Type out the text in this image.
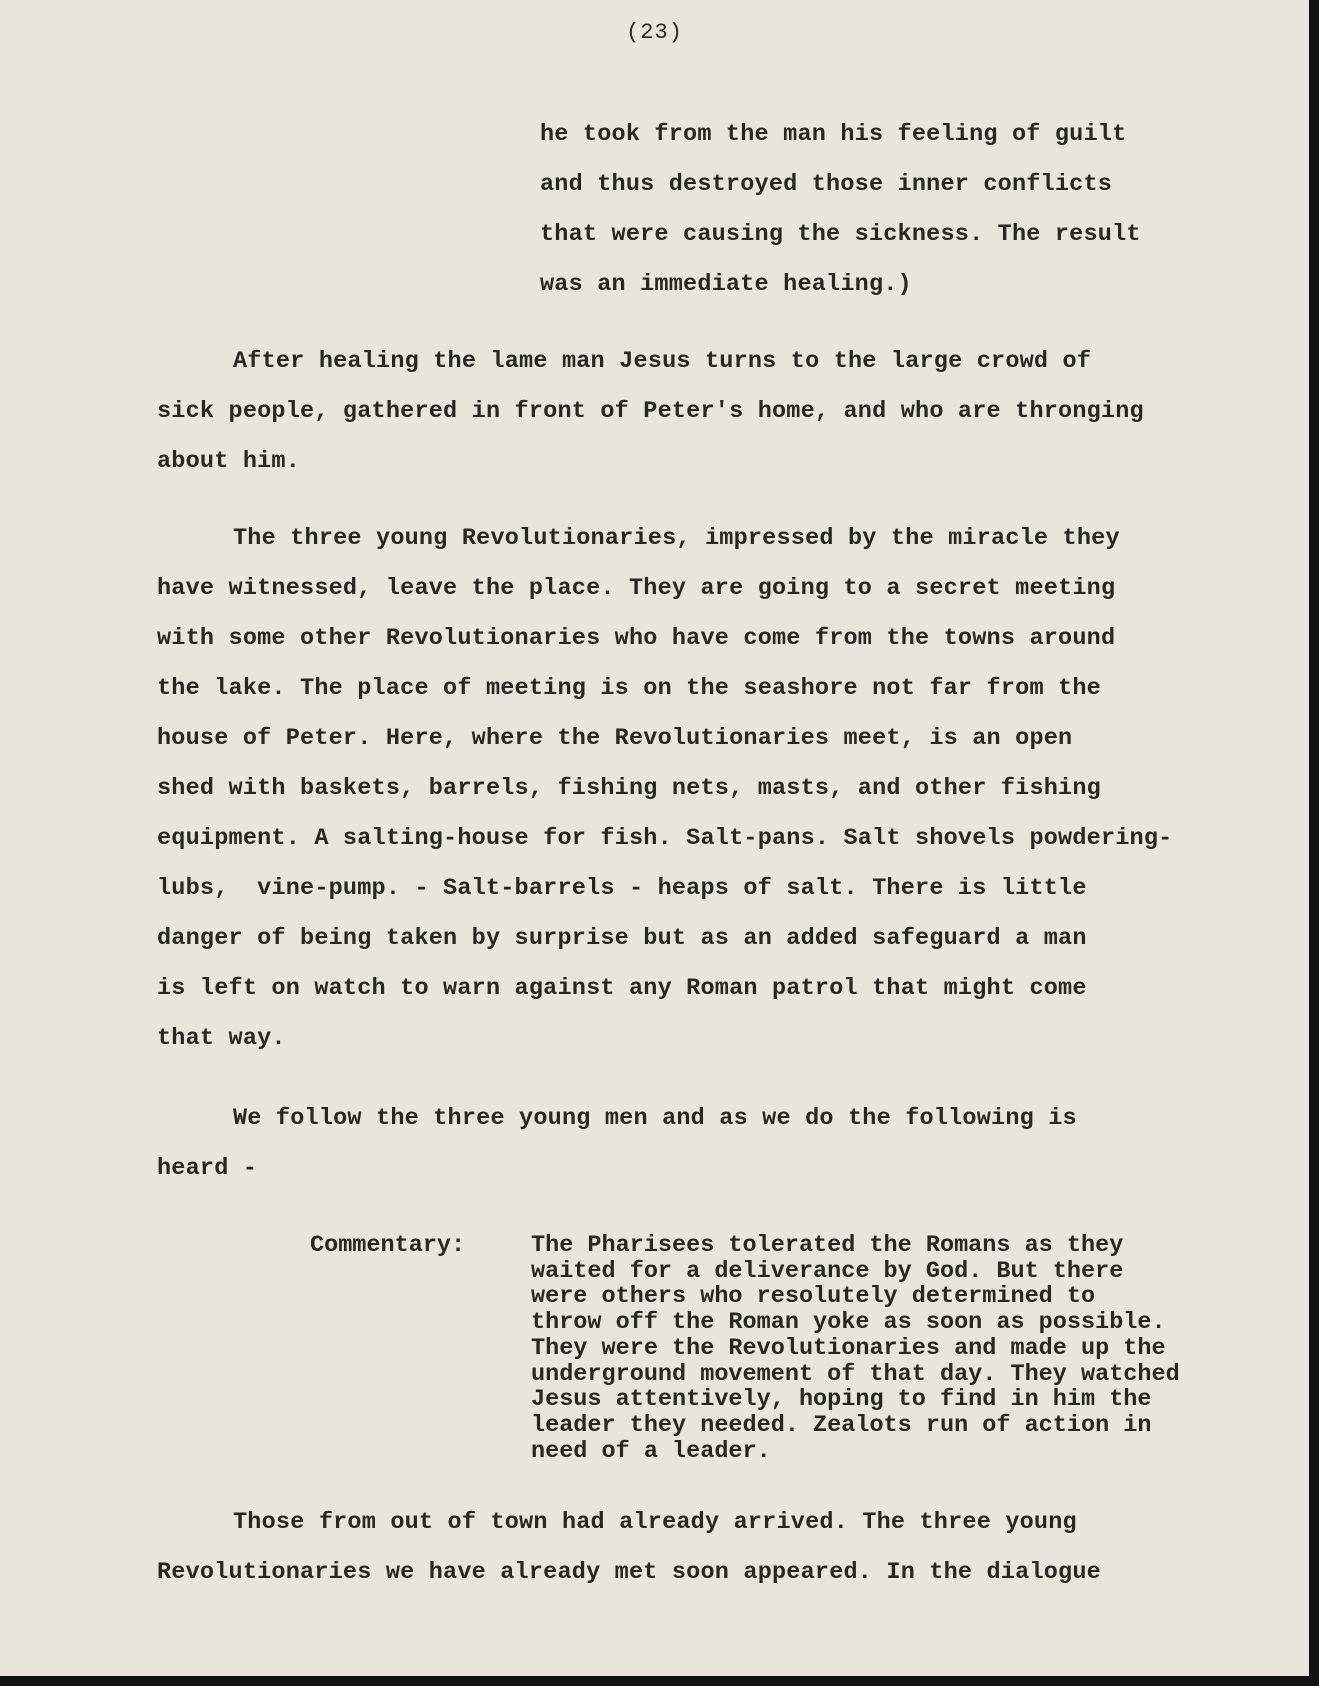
(23)
he took from the man his feeling of guilt
and thus destroyed those inner conflicts
that were causing the sickness. The result
was an immediate healing.)
After healing the lame man Jesus turns to the large crowd of
sick people, gathered in front of Peter's home, and who are thronging
about him.
The three young Revolutionaries, impressed by the miracle they
have witnessed, leave the place. They are going to a secret meeting
with some other Revolutionaries who have come from the towns around
the lake. The place of meeting is on the seashore not far from the
house of Peter. Here, where the Revolutionaries meet, is an open
shed with baskets, barrels, fishing nets, masts, and other fishing
equipment. A salting-house for fish. Salt-pans. Salt shovels powdering-
lubs,  vine-pump. - Salt-barrels - heaps of salt. There is little
danger of being taken by surprise but as an added safeguard a man
is left on watch to warn against any Roman patrol that might come
that way.
We follow the three young men and as we do the following is
heard -
Commentary:	The Pharisees tolerated the Romans as they
waited for a deliverance by God. But there
were others who resolutely determined to
throw off the Roman yoke as soon as possible.
They were the Revolutionaries and made up the
underground movement of that day. They watched
Jesus attentively, hoping to find in him the
leader they needed. Zealots run of action in
need of a leader.
Those from out of town had already arrived. The three young
Revolutionaries we have already met soon appeared. In the dialogue
